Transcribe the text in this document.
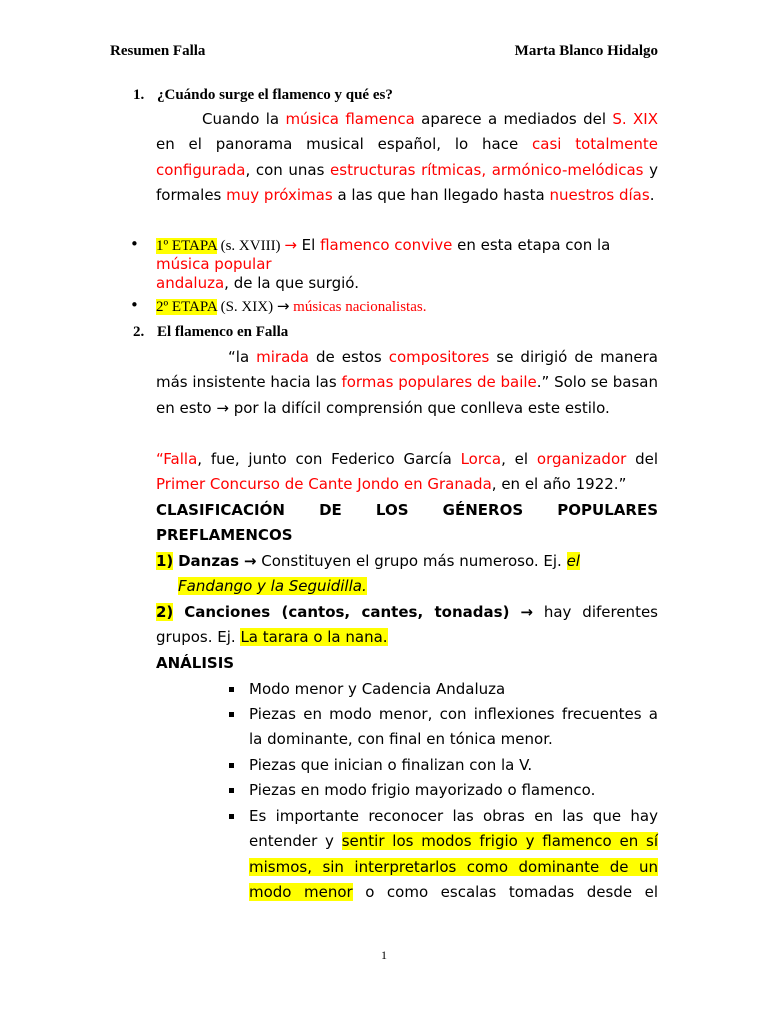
Resumen Falla	Marta Blanco Hidalgo
1. ¿Cuándo surge el flamenco y qué es?
Cuando la música flamenca aparece a mediados del S. XIX en el panorama musical español, lo hace casi totalmente configurada, con unas estructuras rítmicas, armónico-melódicas y formales muy próximas a las que han llegado hasta nuestros días.
• 1º ETAPA (s. XVIII) → El flamenco convive en esta etapa con la
música popular
andaluza, de la que surgió.
• 2º ETAPA (S. XIX) → músicas nacionalistas.
2. El flamenco en Falla
“la mirada de estos compositores se dirigió de manera más insistente hacia las formas populares de baile.” Solo se basan en esto → por la difícil comprensión que conlleva este estilo.
“Falla, fue, junto con Federico García Lorca, el organizador del Primer Concurso de Cante Jondo en Granada, en el año 1922.”
CLASIFICACIÓN DE LOS GÉNEROS POPULARES
PREFLAMENCOS
1) Danzas → Constituyen el grupo más numeroso. Ej. el
Fandango y la Seguidilla.
2) Canciones (cantos, cantes, tonadas) → hay diferentes grupos. Ej. La tarara o la nana.
ANÁLISIS
Modo menor y Cadencia Andaluza
Piezas en modo menor, con inflexiones frecuentes a la dominante, con final en tónica menor.
Piezas que inician o finalizan con la V.
Piezas en modo frigio mayorizado o flamenco.
Es importante reconocer las obras en las que hay entender y sentir los modos frigio y flamenco en sí mismos, sin interpretarlos como dominante de un modo menor o como escalas tomadas desde el
1
